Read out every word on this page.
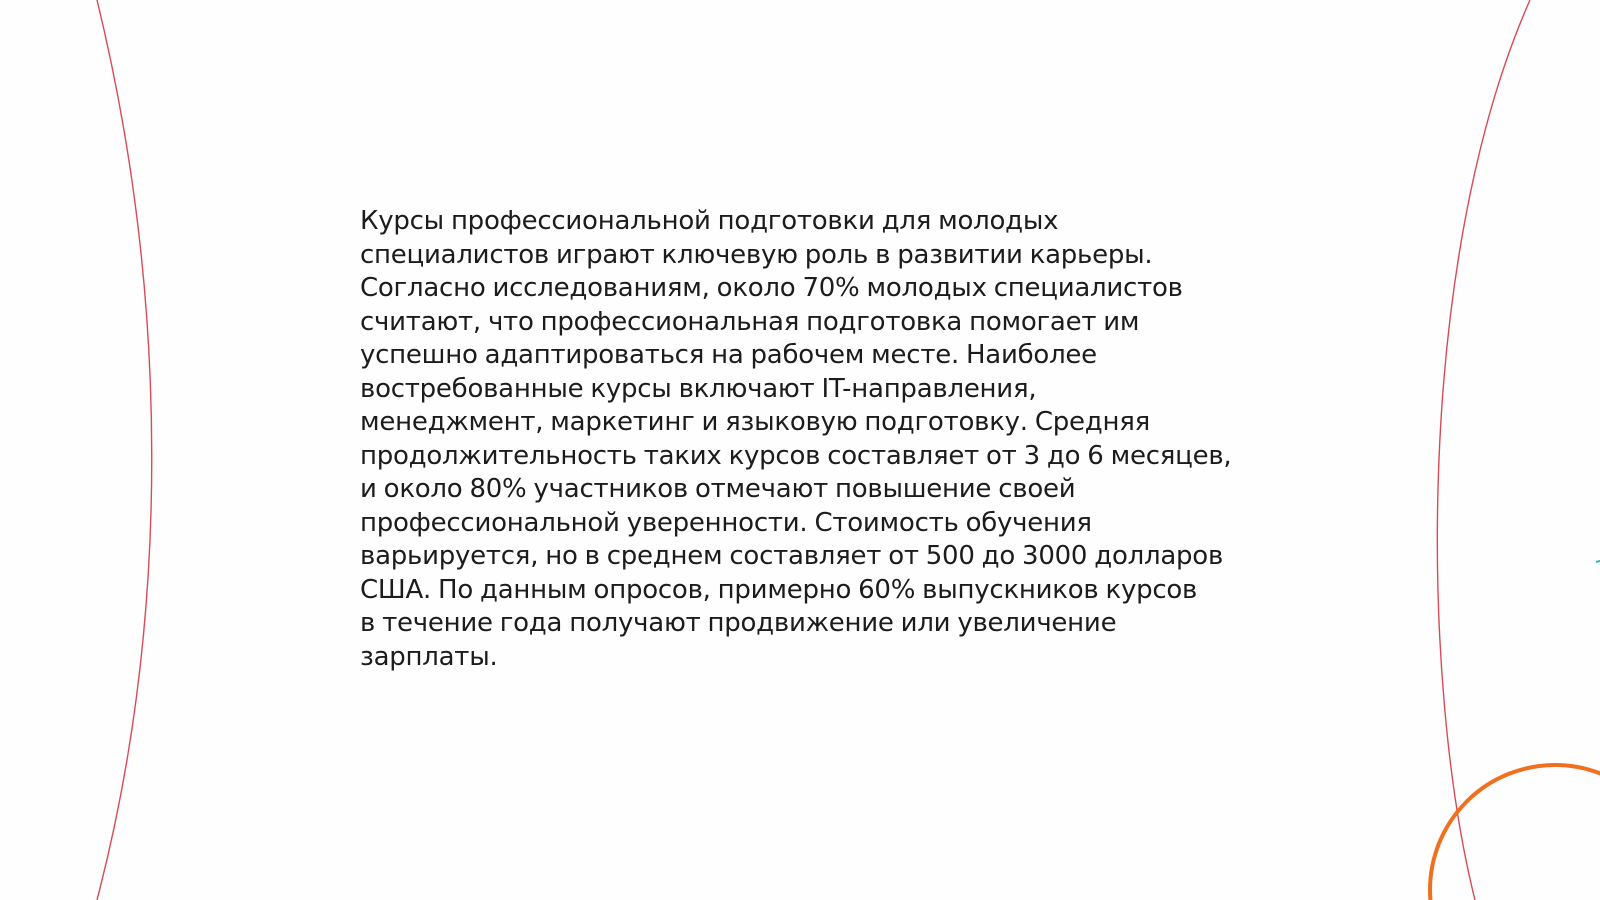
Курсы профессиональной подготовки для молодых
специалистов играют ключевую роль в развитии карьеры.
Согласно исследованиям, около 70% молодых специалистов
считают, что профессиональная подготовка помогает им
успешно адаптироваться на рабочем месте. Наиболее
востребованные курсы включают IT-направления,
менеджмент, маркетинг и языковую подготовку. Средняя
продолжительность таких курсов составляет от 3 до 6 месяцев,
и около 80% участников отмечают повышение своей
профессиональной уверенности. Стоимость обучения
варьируется, но в среднем составляет от 500 до 3000 долларов
США. По данным опросов, примерно 60% выпускников курсов
в течение года получают продвижение или увеличение
зарплаты.
